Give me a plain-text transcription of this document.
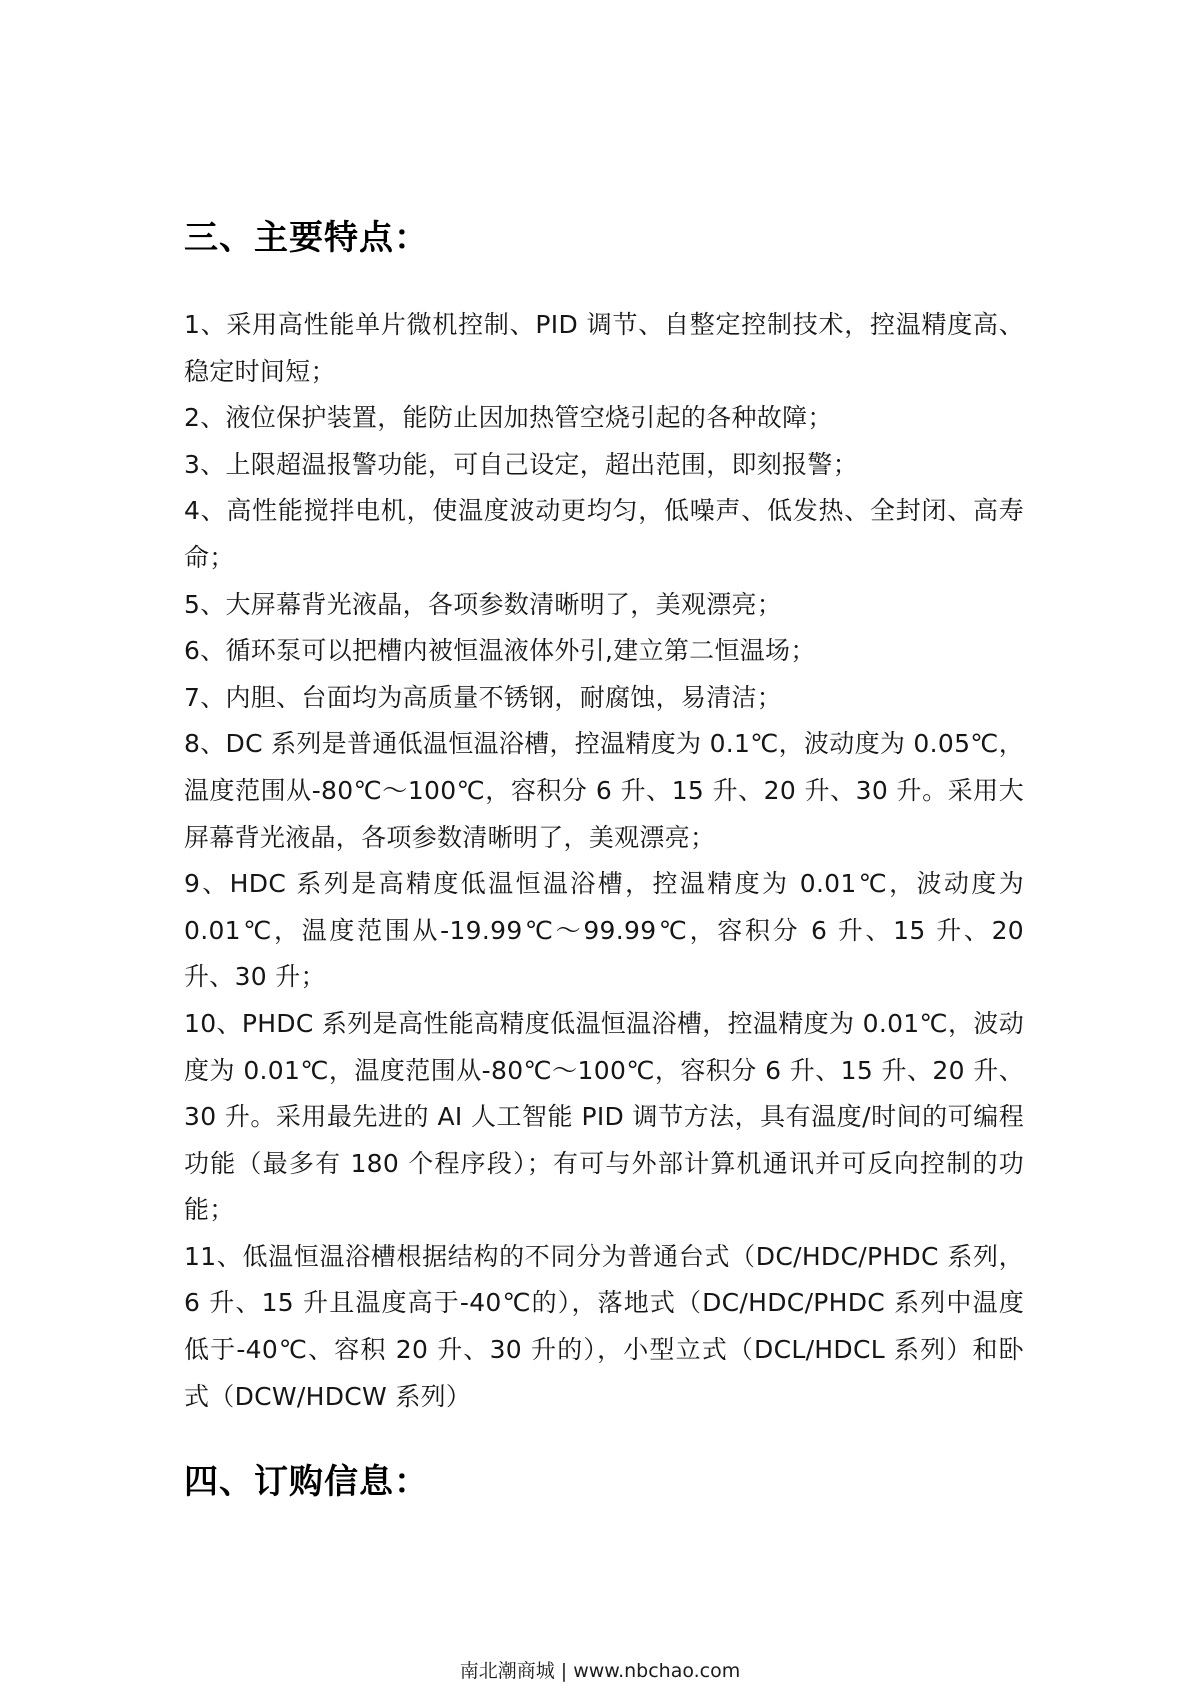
三、主要特点：
1、采用高性能单片微机控制、PID 调节、自整定控制技术，控温精度高、稳定时间短；
2、液位保护装置，能防止因加热管空烧引起的各种故障；
3、上限超温报警功能，可自己设定，超出范围，即刻报警；
4、高性能搅拌电机，使温度波动更均匀，低噪声、低发热、全封闭、高寿命；
5、大屏幕背光液晶，各项参数清晰明了，美观漂亮；
6、循环泵可以把槽内被恒温液体外引,建立第二恒温场；
7、内胆、台面均为高质量不锈钢，耐腐蚀，易清洁；
8、DC 系列是普通低温恒温浴槽，控温精度为 0.1℃，波动度为 0.05℃，温度范围从-80℃～100℃，容积分 6 升、15 升、20 升、30 升。采用大屏幕背光液晶，各项参数清晰明了，美观漂亮；
9、HDC 系列是高精度低温恒温浴槽，控温精度为 0.01℃，波动度为 0.01℃，温度范围从-19.99℃～99.99℃，容积分 6 升、15 升、20 升、30 升；
10、PHDC 系列是高性能高精度低温恒温浴槽，控温精度为 0.01℃，波动度为 0.01℃，温度范围从-80℃～100℃，容积分 6 升、15 升、20 升、30 升。采用最先进的 AI 人工智能 PID 调节方法，具有温度/时间的可编程功能（最多有 180 个程序段）；有可与外部计算机通讯并可反向控制的功能；
11、低温恒温浴槽根据结构的不同分为普通台式（DC/HDC/PHDC 系列，6 升、15 升且温度高于-40℃的），落地式（DC/HDC/PHDC 系列中温度低于-40℃、容积 20 升、30 升的），小型立式（DCL/HDCL 系列）和卧式（DCW/HDCW 系列）
四、订购信息：
南北潮商城 | www.nbchao.com
